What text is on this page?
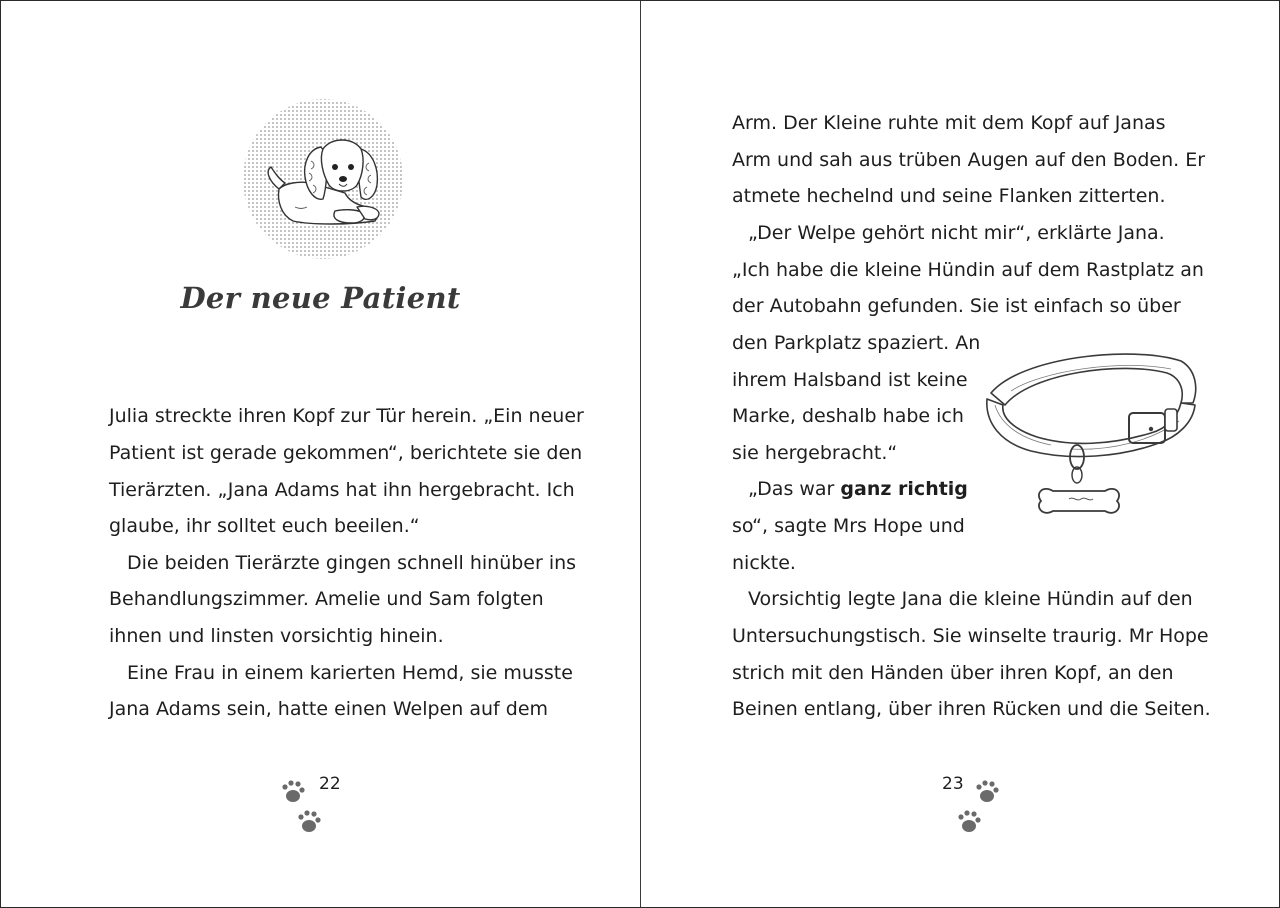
Der neue Patient
Julia streckte ihren Kopf zur Tür herein. „Ein neuer
Patient ist gerade gekommen“, berichtete sie den
Tierärzten. „Jana Adams hat ihn hergebracht. Ich
glaube, ihr solltet euch beeilen.“
Die beiden Tierärzte gingen schnell hinüber ins
Behandlungszimmer. Amelie und Sam folgten
ihnen und linsten vorsichtig hinein.
Eine Frau in einem karierten Hemd, sie musste
Jana Adams sein, hatte einen Welpen auf dem
22
Arm. Der Kleine ruhte mit dem Kopf auf Janas
Arm und sah aus trüben Augen auf den Boden. Er
atmete hechelnd und seine Flanken zitterten.
„Der Welpe gehört nicht mir“, erklärte Jana.
„Ich habe die kleine Hündin auf dem Rastplatz an
der Autobahn gefunden. Sie ist einfach so über
den Parkplatz spaziert. An
ihrem Halsband ist keine
Marke, deshalb habe ich
sie hergebracht.“
„Das war ganz richtig
so“, sagte Mrs Hope und
nickte.
Vorsichtig legte Jana die kleine Hündin auf den
Untersuchungstisch. Sie winselte traurig. Mr Hope
strich mit den Händen über ihren Kopf, an den
Beinen entlang, über ihren Rücken und die Seiten.
23
